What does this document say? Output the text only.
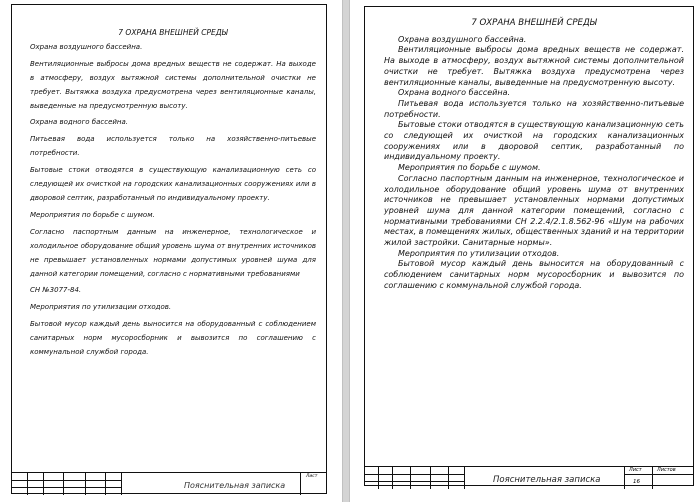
7 ОХРАНА ВНЕШНЕЙ СРЕДЫ

Охрана воздушного бассейна.

Вентиляционные выбросы дома вредных веществ не содержат. На выходе в атмосферу, воздух вытяжной системы дополнительной очистки не требует. Вытяжка воздуха предусмотрена через вентиляционные каналы, выведенные на предусмотренную высоту.

Охрана водного бассейна.

Питьевая вода используется только на хозяйственно-питьевые потребности.

Бытовые стоки отводятся в существующую канализационную сеть со следующей их очисткой на городских канализационных сооружениях или в дворовой септик, разработанный по индивидуальному проекту.

Мероприятия по борьбе с шумом.

Согласно паспортным данным на инженерное, технологическое и холодильное оборудование общий уровень шума от внутренних источников не превышает установленных нормами допустимых уровней шума для данной категории помещений, согласно с нормативными требованиями

СН №3077-84.

Мероприятия по утилизации отходов.

Бытовой мусор каждый день выносится на оборудованный с соблюдением санитарных норм мусоросборник и вывозится по соглашению с коммунальной службой города.

Пояснительная записка
Лист
7 ОХРАНА ВНЕШНЕЙ СРЕДЫ

Охрана воздушного бассейна.

Вентиляционные выбросы дома вредных веществ не содержат. На выходе в атмосферу, воздух вытяжной системы дополнительной очистки не требует. Вытяжка воздуха предусмотрена через вентиляционные каналы, выведенные на предусмотренную высоту.

Охрана водного бассейна.

Питьевая вода используется только на хозяйственно-питьевые потребности.

Бытовые стоки отводятся в существующую канализационную сеть со следующей их очисткой на городских канализационных сооружениях или в дворовой септик, разработанный по индивидуальному проекту.

Мероприятия по борьбе с шумом.

Согласно паспортным данным на инженерное, технологическое и холодильное оборудование общий уровень шума от внутренних источников не превышает установленных нормами допустимых уровней шума для данной категории помещений, согласно с нормативными требованиями СН 2.2.4/2.1.8.562-96 «Шум на рабочих местах, в помещениях жилых, общественных зданий и на территории жилой застройки. Санитарные нормы».

Мероприятия по утилизации отходов.

Бытовой мусор каждый день выносится на оборудованный с соблюдением санитарных норм мусоросборник и вывозится по соглашению с коммунальной службой города.

Пояснительная записка
Лист
16
Листов
